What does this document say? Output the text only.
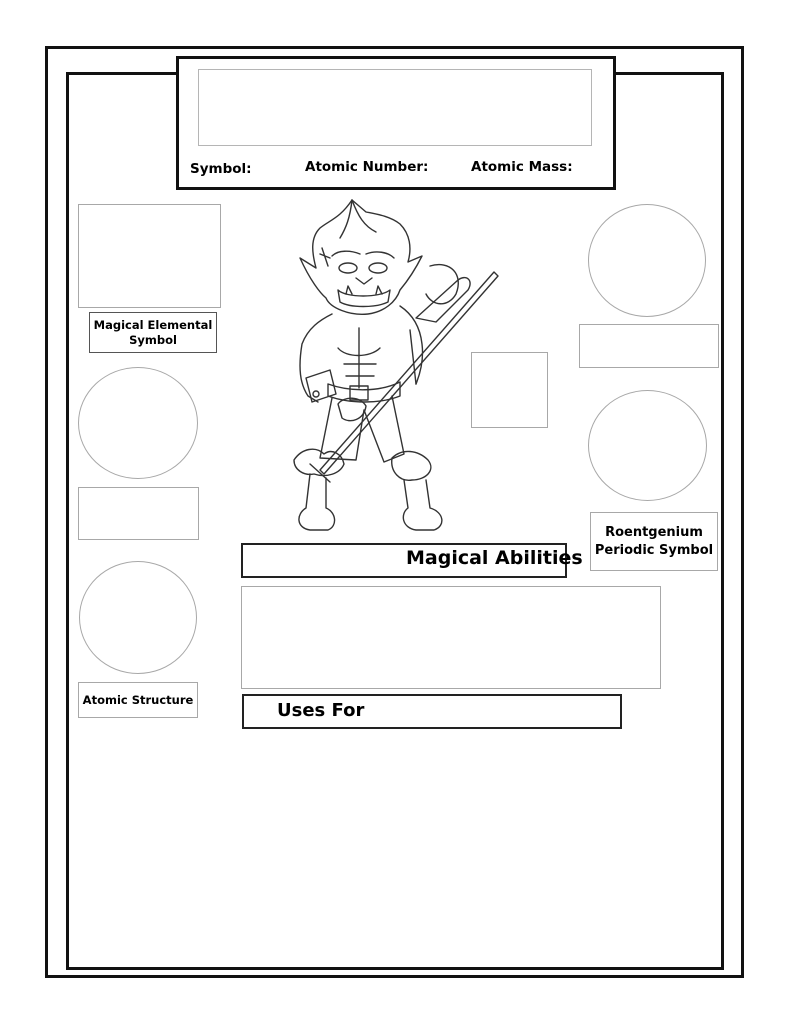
Symbol:	Atomic Number:	Atomic Mass:
Magical Elemental Symbol
Atomic Structure
Roentgenium Periodic Symbol
Magical Abilities
Uses For
